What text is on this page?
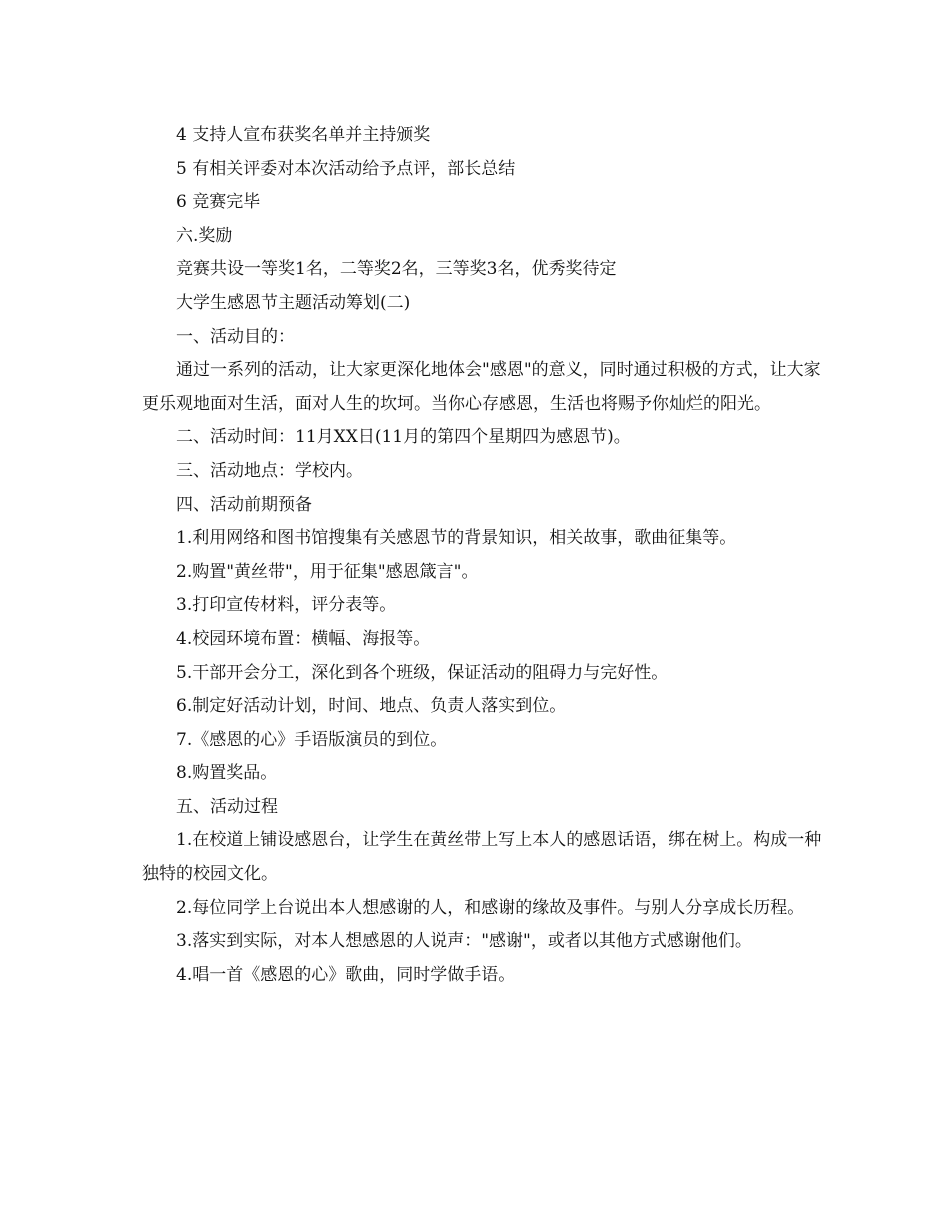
4 支持人宣布获奖名单并主持颁奖

5 有相关评委对本次活动给予点评，部长总结

6 竞赛完毕

六.奖励

竞赛共设一等奖1名，二等奖2名，三等奖3名，优秀奖待定

大学生感恩节主题活动筹划(二)

一、活动目的：

通过一系列的活动，让大家更深化地体会"感恩"的意义，同时通过积极的方式，让大家更乐观地面对生活，面对人生的坎坷。当你心存感恩，生活也将赐予你灿烂的阳光。

二、活动时间：11月XX日(11月的第四个星期四为感恩节)。

三、活动地点：学校内。

四、活动前期预备

1.利用网络和图书馆搜集有关感恩节的背景知识，相关故事，歌曲征集等。

2.购置"黄丝带"，用于征集"感恩箴言"。

3.打印宣传材料，评分表等。

4.校园环境布置：横幅、海报等。

5.干部开会分工，深化到各个班级，保证活动的阻碍力与完好性。

6.制定好活动计划，时间、地点、负责人落实到位。

7.《感恩的心》手语版演员的到位。

8.购置奖品。

五、活动过程

1.在校道上铺设感恩台，让学生在黄丝带上写上本人的感恩话语，绑在树上。构成一种独特的校园文化。

2.每位同学上台说出本人想感谢的人，和感谢的缘故及事件。与别人分享成长历程。

3.落实到实际，对本人想感恩的人说声："感谢"，或者以其他方式感谢他们。

4.唱一首《感恩的心》歌曲，同时学做手语。
